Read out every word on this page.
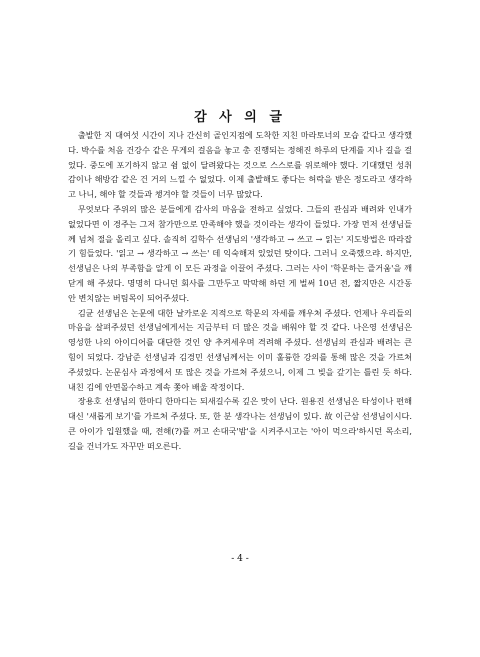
감 사 의 글

출발한 지 대여섯 시간이 지나 간신히 골인지점에 도착한 지친 마라토너의 모습 같다고 생각했다. 박수를 처음 건강수 같은 무게의 걸음을 놓고 총 진행되는 정해진 하루의 단계를 지나 길을 걸었다. 중도에 포기하지 않고 쉼 없이 달려왔다는 것으로 스스로를 위로해야 했다. 기대했던 성취감이나 해방감 같은 건 거의 느낄 수 없었다. 이제 출발해도 좋다는 허락을 받은 정도라고 생각하고 나니, 해야 할 것들과 챙겨야 할 것들이 너무 많았다.

무엇보다 주위의 많은 분들에게 감사의 마음을 전하고 싶었다. 그들의 관심과 배려와 인내가 없었다면 이 경주는 그저 참가만으로 만족해야 했을 것이라는 생각이 들었다. 가장 먼저 선생님들께 넘쳐 절을 올리고 싶다. 솔직히 김학수 선생님의 '생각하고 → 쓰고 → 읽는' 지도방법은 따라잡기 힘들었다. '읽고 → 생각하고 → 쓰는' 데 익숙해져 있었던 탓이다. 그러니 오죽했으랴. 하지만, 선생님은 나의 부족함을 알게 이 모든 과정을 이끌어 주셨다. 그러는 사이 '학문하는 즐거움'을 깨닫게 해 주셨다. 명명히 다니던 회사를 그만두고 막막해 하던 게 벌써 10년 전, 짧지만은 시간동안 변치않는 버팀목이 되어주셨다.

김균 선생님은 논문에 대한 날카로운 지적으로 학문의 자세를 깨우쳐 주셨다. 언제나 우리들의 마음을 살펴주셨던 선생님에게서는 지금부터 더 많은 것을 배워야 할 것 같다. 나은영 선생님은 영성한 나의 아이디어를 대단한 것인 양 추켜세우며 격려해 주셨다. 선생님의 관심과 배려는 큰 힘이 되었다. 강남준 선생님과 김경민 선생님께서는 이미 훌륭한 강의를 통해 많은 것을 가르쳐 주셨었다. 논문심사 과정에서 또 많은 것을 가르쳐 주셨으니, 이제 그 빚을 갚기는 틀린 듯 하다. 내친 김에 안면몰수하고 계속 쫓아 배울 작정이다.

장용호 선생님의 한마디 한마디는 되새길수록 깊은 맛이 난다. 원용진 선생님은 타성이나 편해 대신 '새롭게 보기'를 가르쳐 주셨다. 또, 한 분 생각나는 선생님이 있다. 故 이근삼 선생님이시다. 큰 아이가 입원했을 때, 전해(?)를 꺼고 손대국'밤'을 시켜주시고는 '아이 먹으라'하시던 목소리, 길을 건너가도 자꾸만 떠오른다.

- 4 -
